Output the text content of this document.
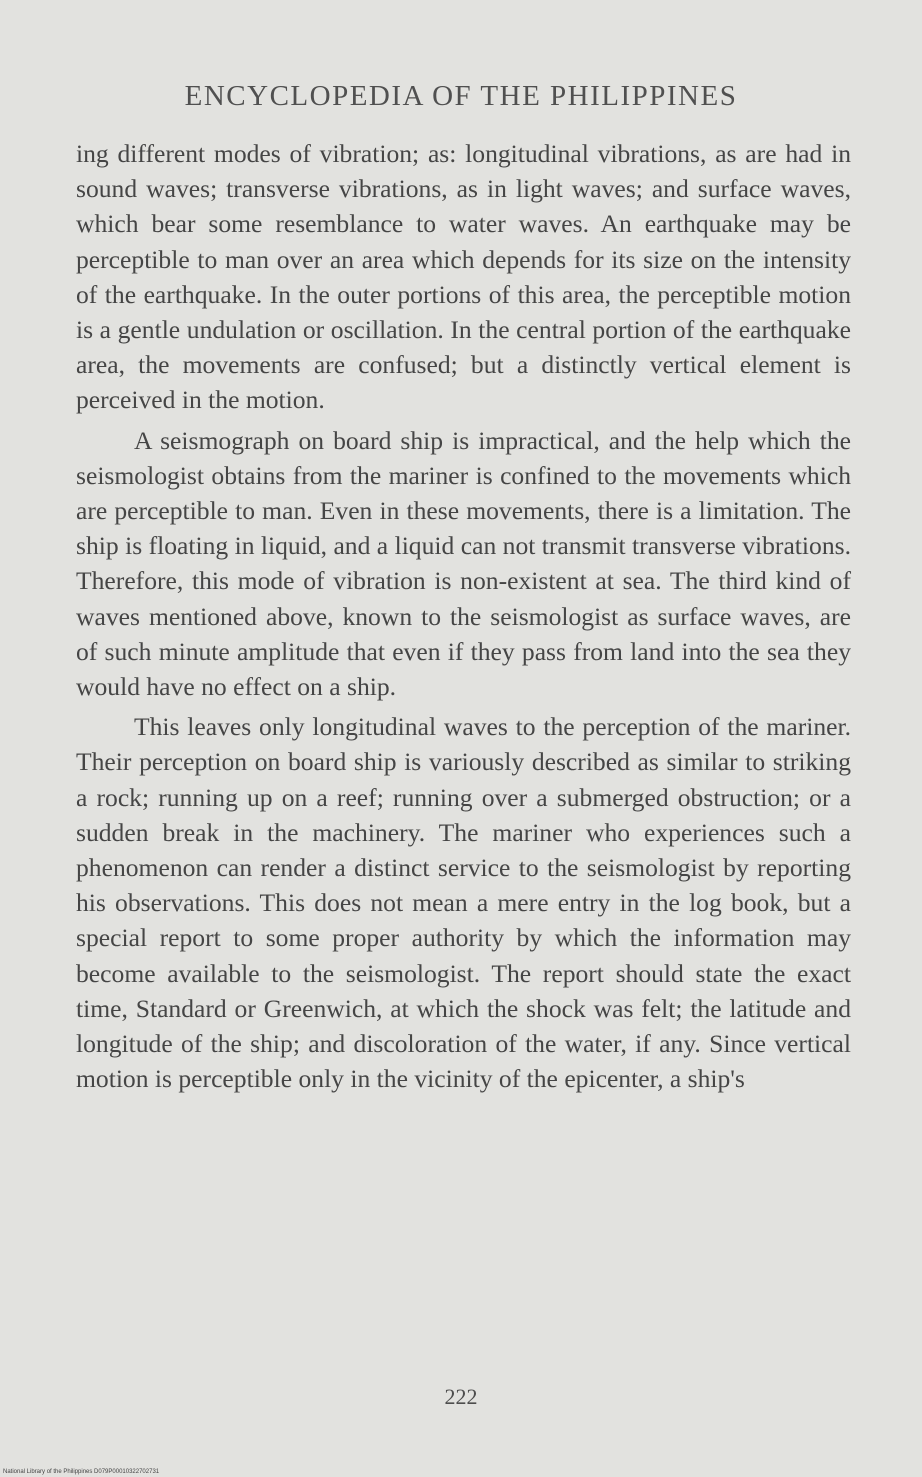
ENCYCLOPEDIA OF THE PHILIPPINES

ing different modes of vibration; as: longitudinal vibrations, as are had in sound waves; transverse vibrations, as in light waves; and surface waves, which bear some resemblance to water waves. An earthquake may be perceptible to man over an area which depends for its size on the intensity of the earthquake. In the outer portions of this area, the perceptible motion is a gentle undulation or oscillation. In the central portion of the earthquake area, the movements are confused; but a distinctly vertical element is perceived in the motion.

A seismograph on board ship is impractical, and the help which the seismologist obtains from the mariner is confined to the movements which are perceptible to man. Even in these movements, there is a limitation. The ship is floating in liquid, and a liquid can not transmit transverse vibrations. Therefore, this mode of vibration is non-existent at sea. The third kind of waves mentioned above, known to the seismologist as surface waves, are of such minute amplitude that even if they pass from land into the sea they would have no effect on a ship.

This leaves only longitudinal waves to the perception of the mariner. Their perception on board ship is variously described as similar to striking a rock; running up on a reef; running over a submerged obstruction; or a sudden break in the machinery. The mariner who experiences such a phenomenon can render a distinct service to the seismologist by reporting his observations. This does not mean a mere entry in the log book, but a special report to some proper authority by which the information may become available to the seismologist. The report should state the exact time, Standard or Greenwich, at which the shock was felt; the latitude and longitude of the ship; and discoloration of the water, if any. Since vertical motion is perceptible only in the vicinity of the epicenter, a ship's

222
National Library of the Philippines D079P00010322702731
